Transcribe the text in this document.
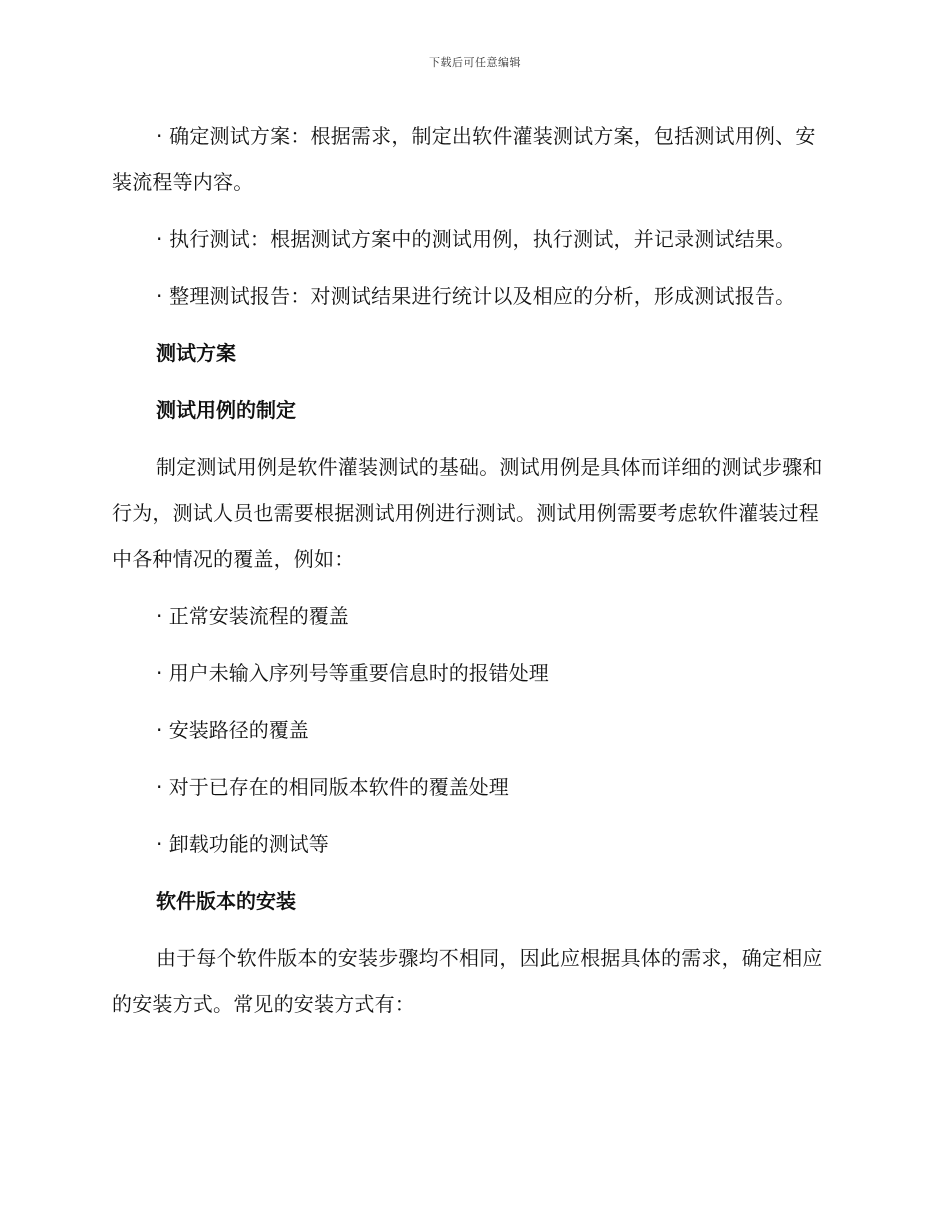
下载后可任意编辑

· 确定测试方案：根据需求，制定出软件灌装测试方案，包括测试用例、安装流程等内容。

· 执行测试：根据测试方案中的测试用例，执行测试，并记录测试结果。

· 整理测试报告：对测试结果进行统计以及相应的分析，形成测试报告。

测试方案

测试用例的制定

制定测试用例是软件灌装测试的基础。测试用例是具体而详细的测试步骤和行为，测试人员也需要根据测试用例进行测试。测试用例需要考虑软件灌装过程中各种情况的覆盖，例如：

· 正常安装流程的覆盖

· 用户未输入序列号等重要信息时的报错处理

· 安装路径的覆盖

· 对于已存在的相同版本软件的覆盖处理

· 卸载功能的测试等

软件版本的安装

由于每个软件版本的安装步骤均不相同，因此应根据具体的需求，确定相应的安装方式。常见的安装方式有：
